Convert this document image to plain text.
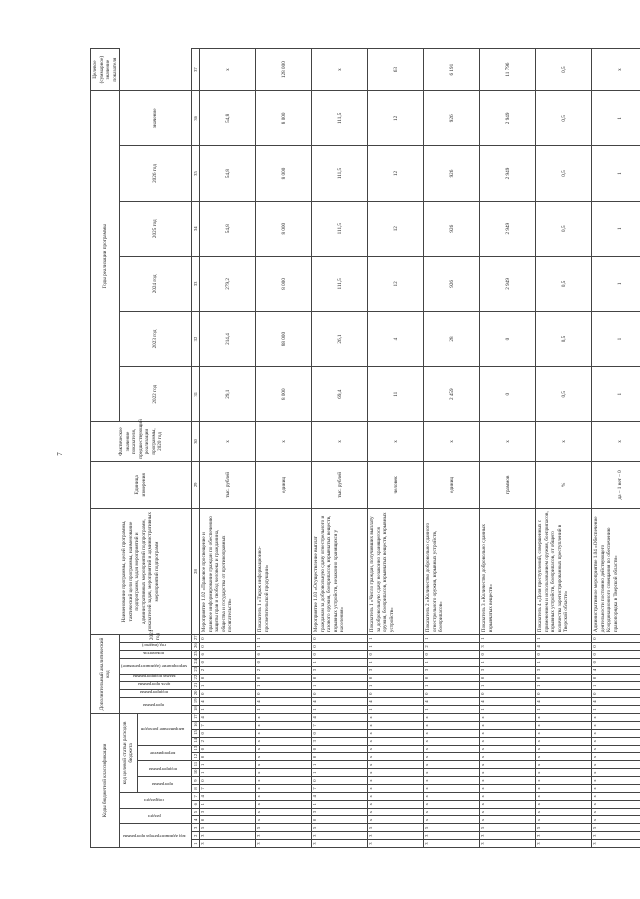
7
Коды бюджетной классификации																	Дополнительный аналитический код										Наименование программы, целей программы, тактический цели программы, наименование подпрограмм, задач мероприятий и административных мероприятий подпрограмм, показателей задач, мероприятий и административных мероприятий подпрограмм	Единица измерения	Фактическое значение показателя, предшествующий реализации программы, 2020 год	Годы реализации программы						Целевое (суммарное) значение показателя
код администратора программы			раздел		подраздел		код целевой статьи расходов бюджета										программа		подпрограмма	цель программы	задача подпрограммы	мероприятие (административное)		показатель	год (индекс)	2021 год				2022 год	2023 год	2024 год	2025 год	2026 год	значение	
							программа		подпрограмма		мероприятие		направление расходов																							
1	2	3	4	5	6	7	8	9	10	11	12	13	14	15	16	17	18	19	20	21	22	23	24	25	26	27	28	29	30	31	32	33	34	35	36	37
3	3	5	0	3	1	4	7	0	1	1	0	0	2	0	7	4	1	4	0	1	0	2	0	6	0	0	Мероприятие 1.02 «Правовое просвещение и правовое информирование граждан по обеспечению защиты прав и свобод человека и гражданина, общества и государства от противоправных посягательств»	тыс. рублей	х	29,1	214,4	279,2	54,8	54,8	54,8	х
3	3	5	х	х	х	х	х	х	х	х	х	х	х	х	х	х	1	4	0	1	0	2	0	6	1	1	Показатель 1 «Тираж информационно-просветительской продукции»	единиц	х	8 000	88 000	8 000	8 000	8 000	8 000	128 000
3	3	5	0	3	1	4	7	0	1	1	0	0	3	0	7	4	1	4	0	1	0	3	1	0	0	0	Мероприятие 1.03 «Осуществление выплат гражданам за добровольную сдачу огнестрельного и газового оружия, боеприпасов, взрывчатых веществ, взрывных устройств, незаконно хранящихся у населения»	тыс. рублей	х	69,4	26,1	111,5	111,5	111,5	111,5	х
3	3	5	х	х	х	х	х	х	х	х	х	х	х	х	х	х	1	4	0	1	0	3	1	0	1	1	Показатель 1 «Число граждан, получивших выплату за добровольную сдачу незаконно хранящегося оружия, боеприпасов, взрывчатых веществ, взрывных устройств»	человек	х	11	4	12	12	12	12	63
3	3	5	х	х	х	х	х	х	х	х	х	х	х	х	х	х	1	4	0	1	0	3	1	0	2	1	Показатель 2 «Количество добровольно сданного огнестрельного оружия, взрывных устройств, боеприпасов»	единиц	х	2 459	28	926	926	926	926	6 191
3	3	5	х	х	х	х	х	х	х	х	х	х	х	х	х	х	1	4	0	1	0	3	1	0	3	1	Показатель 3 «Количество добровольно сданных взрывчатых веществ»	граммов	х	0	0	2 949	2 949	2 949	2 949	11 796
3	3	5	х	х	х	х	х	х	х	х	х	х	х	х	х	х	1	4	0	1	0	3	1	0	4	1	Показатель 4 «Доля преступлений, совершенных с применением и использованием оружия, боеприпасов, взрывных устройств, боеприпасов, от общего количества зарегистрированных преступлений в Тверской области»	%	х	0,5	0,5	0,5	0,5	0,5	0,5	0,5
3	3	5	х	х	х	х	х	х	х	х	х	х	х	х	х	х	1	4	0	1	0	4	0	0	0	0	Административное мероприятие 1.04 «Обеспечение деятельности постоянно действующего Координационного совещания по обеспечению правопорядка в Тверской области»	да – 1 нет – 0	х	1	1	1	1	1	1	х
